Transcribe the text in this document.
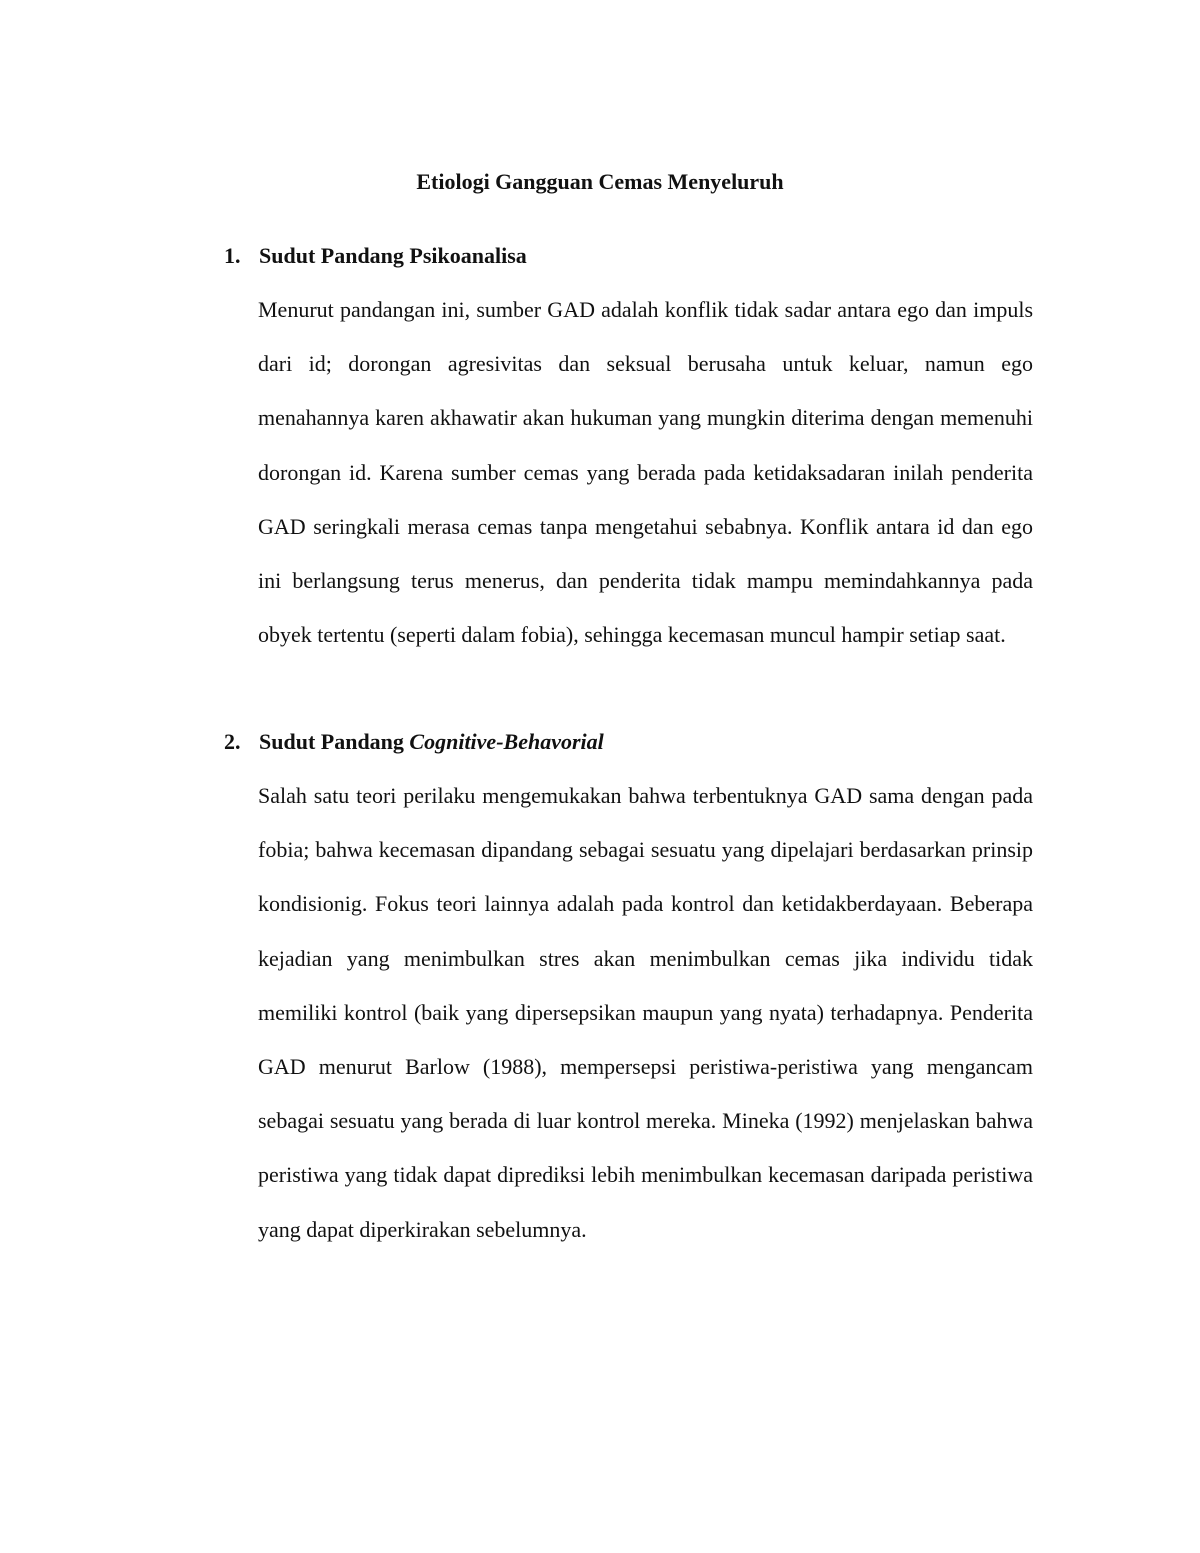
Etiologi Gangguan Cemas Menyeluruh
1. Sudut Pandang Psikoanalisa

Menurut pandangan ini, sumber GAD adalah konflik tidak sadar antara ego dan impuls dari id; dorongan agresivitas dan seksual berusaha untuk keluar, namun ego menahannya karen akhawatir akan hukuman yang mungkin diterima dengan memenuhi dorongan id. Karena sumber cemas yang berada pada ketidaksadaran inilah penderita GAD seringkali merasa cemas tanpa mengetahui sebabnya. Konflik antara id dan ego ini berlangsung terus menerus, dan penderita tidak mampu memindahkannya pada obyek tertentu (seperti dalam fobia), sehingga kecemasan muncul hampir setiap saat.

2. Sudut Pandang Cognitive-Behavorial

Salah satu teori perilaku mengemukakan bahwa terbentuknya GAD sama dengan pada fobia; bahwa kecemasan dipandang sebagai sesuatu yang dipelajari berdasarkan prinsip kondisionig. Fokus teori lainnya adalah pada kontrol dan ketidakberdayaan. Beberapa kejadian yang menimbulkan stres akan menimbulkan cemas jika individu tidak memiliki kontrol (baik yang dipersepsikan maupun yang nyata) terhadapnya. Penderita GAD menurut Barlow (1988), mempersepsi peristiwa-peristiwa yang mengancam sebagai sesuatu yang berada di luar kontrol mereka. Mineka (1992) menjelaskan bahwa peristiwa yang tidak dapat diprediksi lebih menimbulkan kecemasan daripada peristiwa yang dapat diperkirakan sebelumnya.
